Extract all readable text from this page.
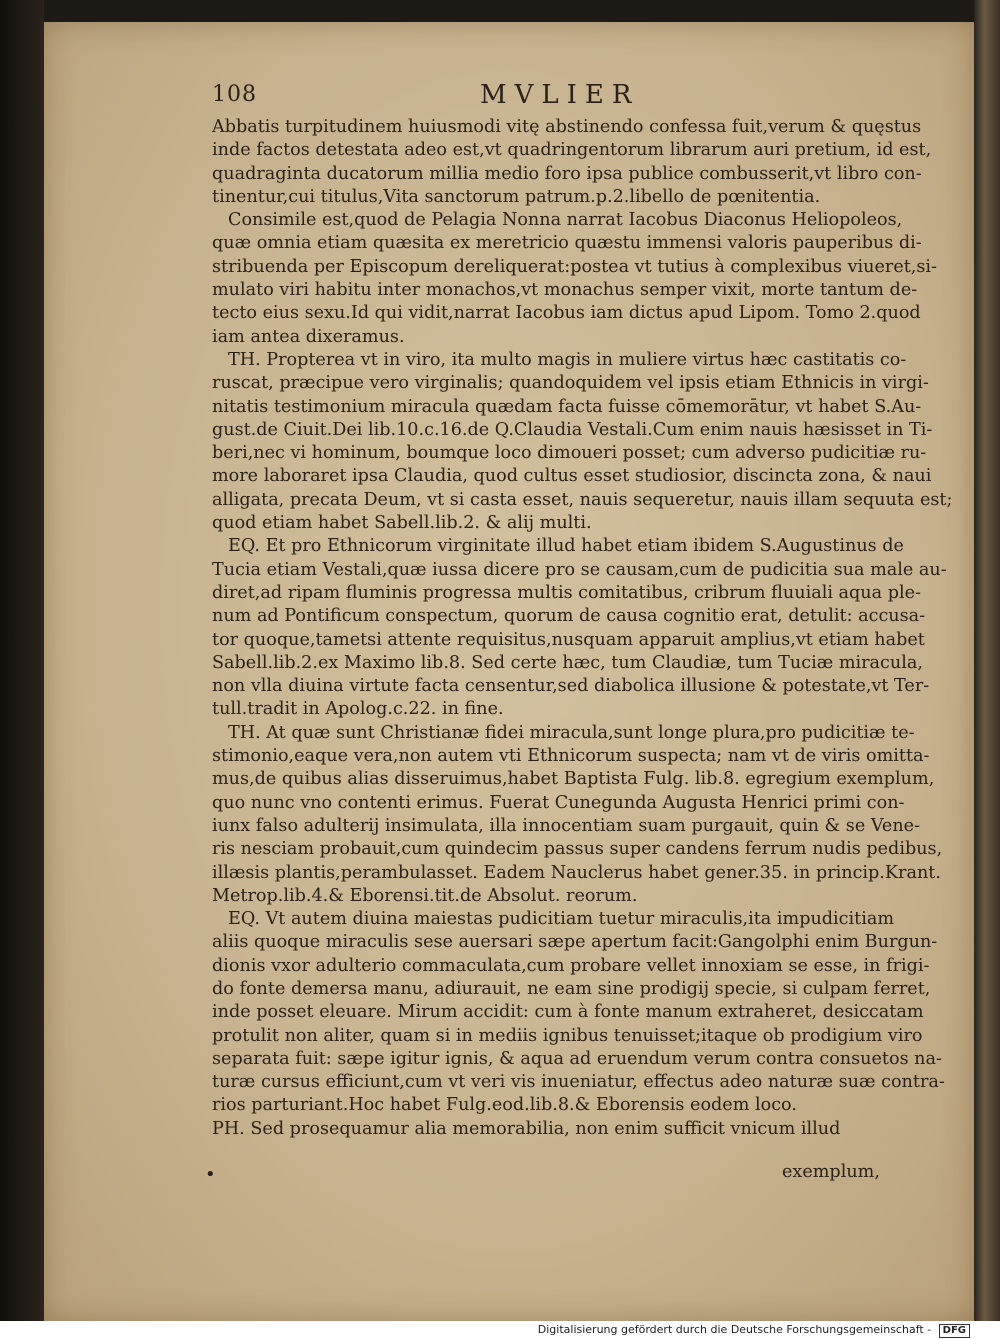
108	MVLIER
Abbatis turpitudinem huiusmodi vitę abstinendo confessa fuit,verum & quęstus
inde factos detestata adeo est,vt quadringentorum librarum auri pretium, id est,
quadraginta ducatorum millia medio foro ipsa publice combusserit,vt libro con-
tinentur,cui titulus,Vita sanctorum patrum.p.2.libello de pœnitentia.
Consimile est,quod de Pelagia Nonna narrat Iacobus Diaconus Heliopoleos,
quæ omnia etiam quæsita ex meretricio quæstu immensi valoris pauperibus di-
stribuenda per Episcopum dereliquerat:postea vt tutius à complexibus viueret,si-
mulato viri habitu inter monachos,vt monachus semper vixit, morte tantum de-
tecto eius sexu.Id qui vidit,narrat Iacobus iam dictus apud Lipom. Tomo 2.quod
iam antea dixeramus.
TH. Propterea vt in viro, ita multo magis in muliere virtus hæc castitatis co-
ruscat, præcipue vero virginalis; quandoquidem vel ipsis etiam Ethnicis in virgi-
nitatis testimonium miracula quædam facta fuisse cōmemorātur, vt habet S.Au-
gust.de Ciuit.Dei lib.10.c.16.de Q.Claudia Vestali.Cum enim nauis hæsisset in Ti-
beri,nec vi hominum, boumque loco dimoueri posset; cum adverso pudicitiæ ru-
more laboraret ipsa Claudia, quod cultus esset studiosior, discincta zona, & naui
alligata, precata Deum, vt si casta esset, nauis sequeretur, nauis illam sequuta est;
quod etiam habet Sabell.lib.2. & alij multi.
EQ. Et pro Ethnicorum virginitate illud habet etiam ibidem S.Augustinus de
Tucia etiam Vestali,quæ iussa dicere pro se causam,cum de pudicitia sua male au-
diret,ad ripam fluminis progressa multis comitatibus, cribrum fluuiali aqua ple-
num ad Pontificum conspectum, quorum de causa cognitio erat, detulit: accusa-
tor quoque,tametsi attente requisitus,nusquam apparuit amplius,vt etiam habet
Sabell.lib.2.ex Maximo lib.8. Sed certe hæc, tum Claudiæ, tum Tuciæ miracula,
non vlla diuina virtute facta censentur,sed diabolica illusione & potestate,vt Ter-
tull.tradit in Apolog.c.22. in fine.
TH. At quæ sunt Christianæ fidei miracula,sunt longe plura,pro pudicitiæ te-
stimonio,eaque vera,non autem vti Ethnicorum suspecta; nam vt de viris omitta-
mus,de quibus alias disseruimus,habet Baptista Fulg. lib.8. egregium exemplum,
quo nunc vno contenti erimus. Fuerat Cunegunda Augusta Henrici primi con-
iunx falso adulterij insimulata, illa innocentiam suam purgauit, quin & se Vene-
ris nesciam probauit,cum quindecim passus super candens ferrum nudis pedibus,
illæsis plantis,perambulasset. Eadem Nauclerus habet gener.35. in princip.Krant.
Metrop.lib.4.& Eborensi.tit.de Absolut. reorum.
EQ. Vt autem diuina maiestas pudicitiam tuetur miraculis,ita impudicitiam
aliis quoque miraculis sese auersari sæpe apertum facit:Gangolphi enim Burgun-
dionis vxor adulterio commaculata,cum probare vellet innoxiam se esse, in frigi-
do fonte demersa manu, adiurauit, ne eam sine prodigij specie, si culpam ferret,
inde posset eleuare. Mirum accidit: cum à fonte manum extraheret, desiccatam
protulit non aliter, quam si in mediis ignibus tenuisset;itaque ob prodigium viro
separata fuit: sæpe igitur ignis, & aqua ad eruendum verum contra consuetos na-
turæ cursus efficiunt,cum vt veri vis inueniatur, effectus adeo naturæ suæ contra-
rios parturiant.Hoc habet Fulg.eod.lib.8.& Eborensis eodem loco.
PH. Sed prosequamur alia memorabilia, non enim sufficit vnicum illud
•	exemplum,
Digitalisierung gefördert durch die Deutsche Forschungsgemeinschaft - DFG
